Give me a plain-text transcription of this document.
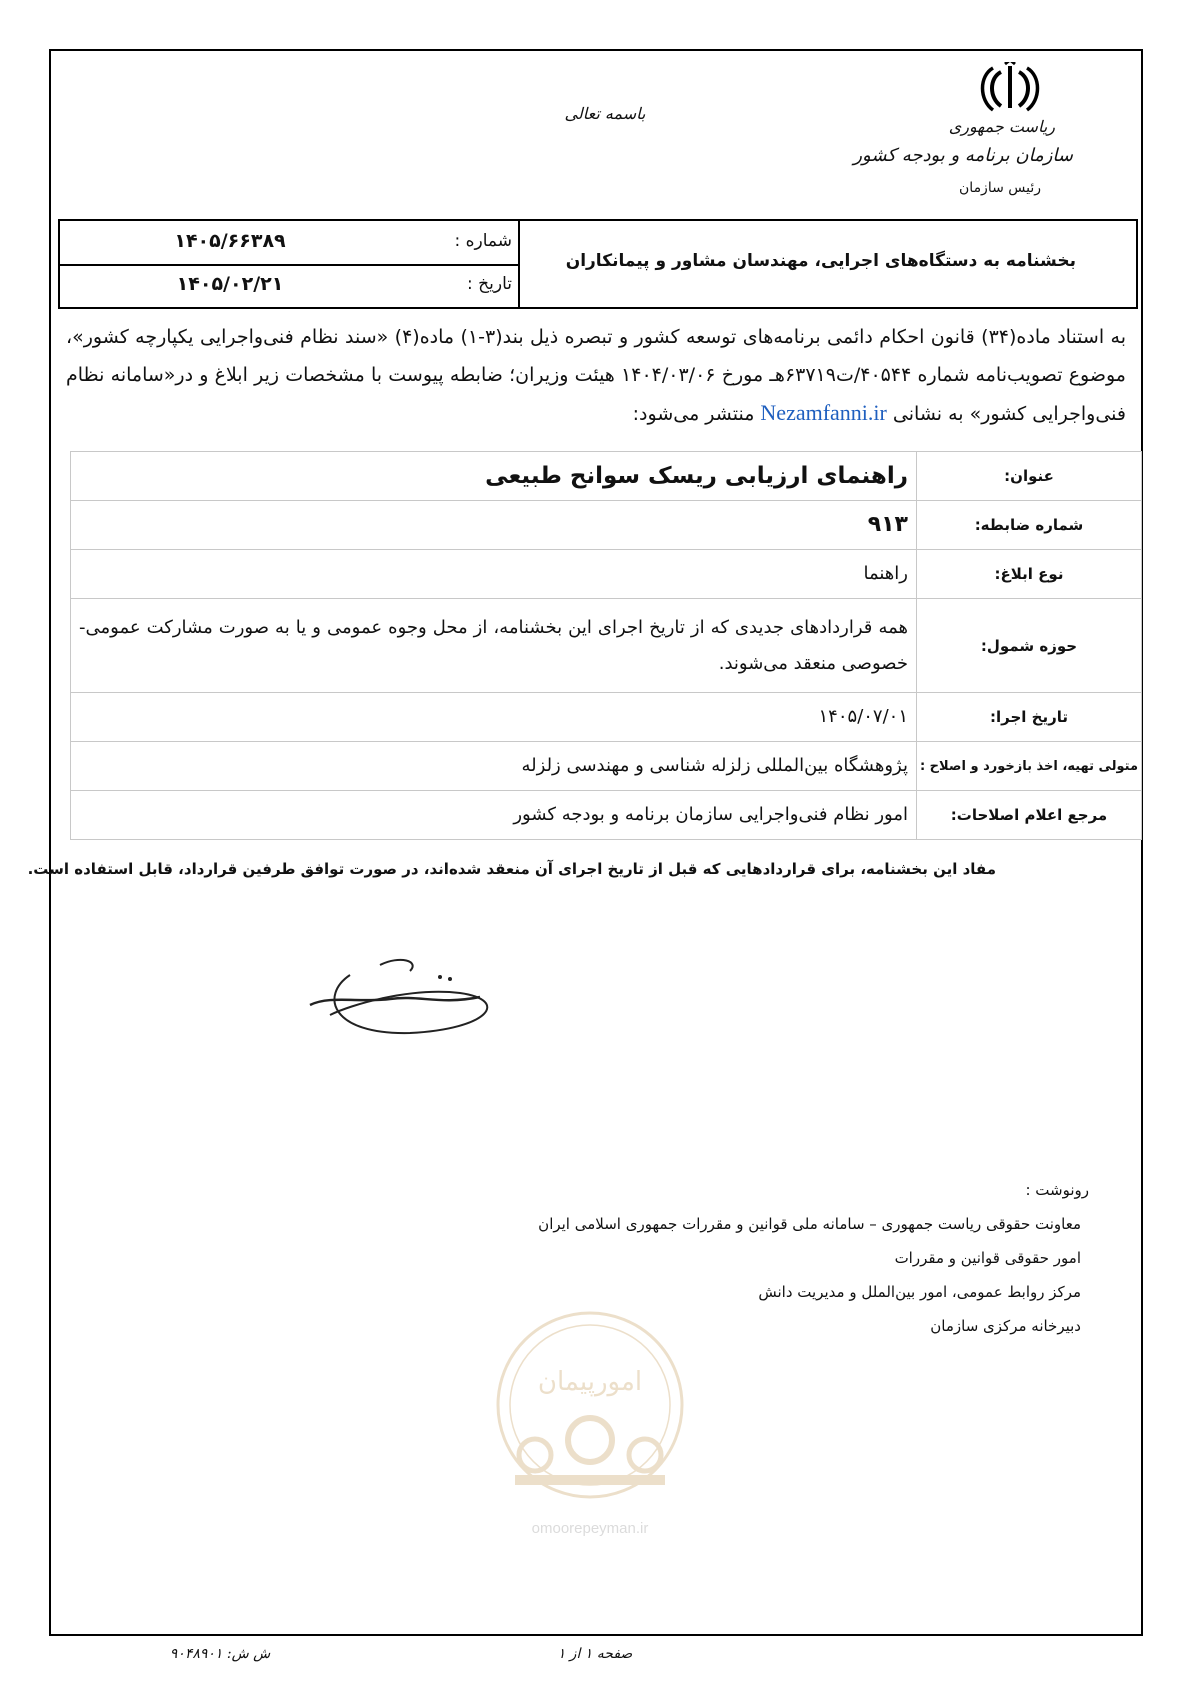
ریاست جمهوری
سازمان برنامه و بودجه کشور
رئیس سازمان
باسمه تعالی
شماره :
۱۴۰۵/۶۶۳۸۹
تاریخ :
۱۴۰۵/۰۲/۲۱
بخشنامه به دستگاه‌های اجرایی، مهندسان مشاور و پیمانکاران
به استناد ماده(۳۴) قانون احکام دائمی برنامه‌های توسعه کشور و تبصره ذیل بند(۳-۱) ماده(۴) «سند نظام فنی‌واجرایی یکپارچه کشور»، موضوع تصویب‌نامه شماره ۴۰۵۴۴/ت۶۳۷۱۹هـ مورخ ۱۴۰۴/۰۳/۰۶ هیئت وزیران؛ ضابطه پیوست با مشخصات زیر ابلاغ و در«سامانه نظام فنی‌واجرایی کشور» به نشانی Nezamfanni.ir منتشر می‌شود:
عنوان:	راهنمای ارزیابی ریسک سوانح طبیعی
شماره ضابطه:	۹۱۳
نوع ابلاغ:	راهنما
حوزه شمول:	همه قراردادهای جدیدی که از تاریخ اجرای این بخشنامه، از محل وجوه عمومی و یا به صورت مشارکت عمومی-خصوصی منعقد می‌شوند.
تاریخ اجرا:	۱۴۰۵/۰۷/۰۱
متولی تهیه، اخذ بازخورد و اصلاح :	پژوهشگاه بین‌المللی زلزله شناسی و مهندسی زلزله
مرجع اعلام اصلاحات:	امور نظام فنی‌واجرایی سازمان برنامه و بودجه کشور
مفاد این بخشنامه، برای قراردادهایی که قبل از تاریخ اجرای آن منعقد شده‌اند، در صورت توافق طرفین قرارداد، قابل استفاده است.
رونوشت :
معاونت حقوقی ریاست جمهوری – سامانه ملی قوانین و مقررات جمهوری اسلامی ایران
امور حقوقی قوانین و مقررات
مرکز روابط عمومی، امور بین‌الملل و مدیریت دانش
دبیرخانه مرکزی سازمان
امورپیمان
omoorepeyman.ir
صفحه ۱ از ۱
ش ش: ۹۰۴۸۹۰۱
